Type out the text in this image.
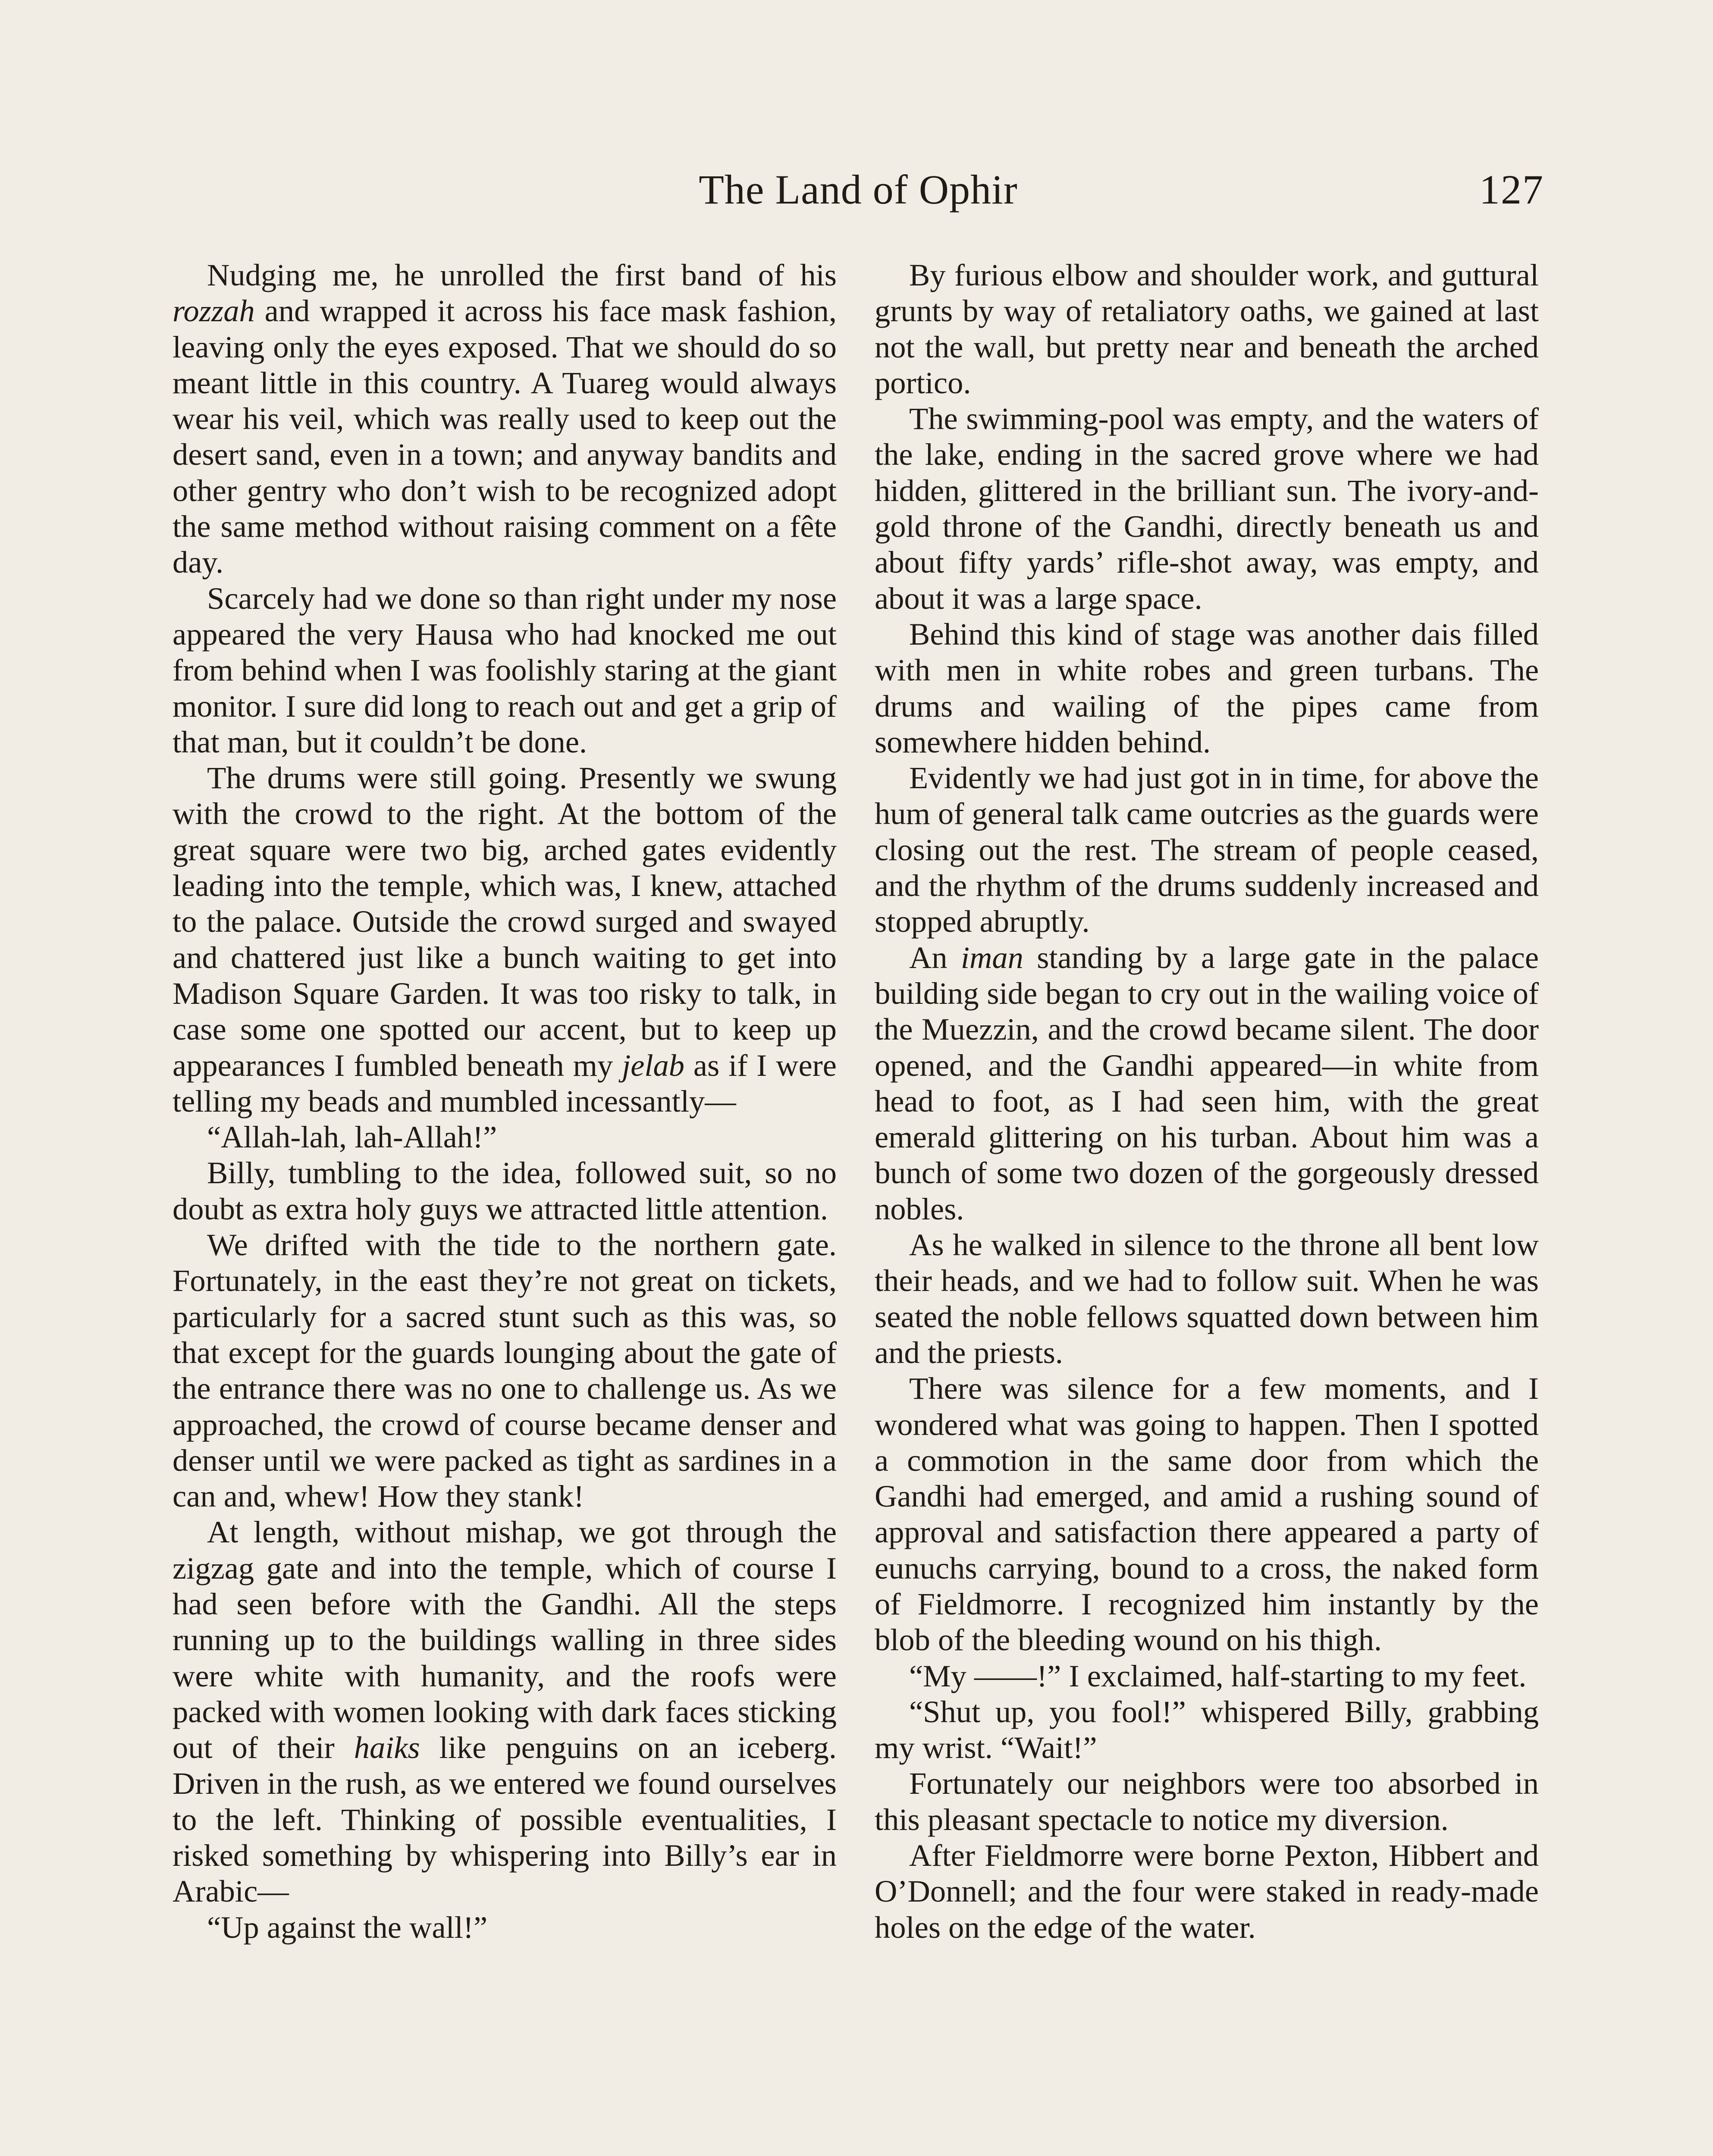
The Land of Ophir	127

Nudging me, he unrolled the first band of his rozzah and wrapped it across his face mask fashion, leaving only the eyes exposed. That we should do so meant little in this country. A Tuareg would always wear his veil, which was really used to keep out the desert sand, even in a town; and anyway bandits and other gentry who don’t wish to be recognized adopt the same method without raising comment on a fête day.

Scarcely had we done so than right under my nose appeared the very Hausa who had knocked me out from behind when I was foolishly staring at the giant monitor. I sure did long to reach out and get a grip of that man, but it couldn’t be done.

The drums were still going. Presently we swung with the crowd to the right. At the bottom of the great square were two big, arched gates evidently leading into the temple, which was, I knew, attached to the palace. Outside the crowd surged and swayed and chattered just like a bunch waiting to get into Madison Square Garden. It was too risky to talk, in case some one spotted our accent, but to keep up appearances I fumbled beneath my jelab as if I were telling my beads and mumbled incessantly—

“Allah-lah, lah-Allah!”

Billy, tumbling to the idea, followed suit, so no doubt as extra holy guys we attracted little attention.

We drifted with the tide to the northern gate. Fortunately, in the east they’re not great on tickets, particularly for a sacred stunt such as this was, so that except for the guards lounging about the gate of the entrance there was no one to challenge us. As we approached, the crowd of course became denser and denser until we were packed as tight as sardines in a can and, whew! How they stank!

At length, without mishap, we got through the zigzag gate and into the temple, which of course I had seen before with the Gandhi. All the steps running up to the buildings walling in three sides were white with humanity, and the roofs were packed with women looking with dark faces sticking out of their haiks like penguins on an iceberg. Driven in the rush, as we entered we found ourselves to the left. Thinking of possible eventualities, I risked something by whispering into Billy’s ear in Arabic—

“Up against the wall!”

By furious elbow and shoulder work, and guttural grunts by way of retaliatory oaths, we gained at last not the wall, but pretty near and beneath the arched portico.

The swimming-pool was empty, and the waters of the lake, ending in the sacred grove where we had hidden, glittered in the brilliant sun. The ivory-and-gold throne of the Gandhi, directly beneath us and about fifty yards’ rifle-shot away, was empty, and about it was a large space.

Behind this kind of stage was another dais filled with men in white robes and green turbans. The drums and wailing of the pipes came from somewhere hidden behind.

Evidently we had just got in in time, for above the hum of general talk came outcries as the guards were closing out the rest. The stream of people ceased, and the rhythm of the drums suddenly increased and stopped abruptly.

An iman standing by a large gate in the palace building side began to cry out in the wailing voice of the Muezzin, and the crowd became silent. The door opened, and the Gandhi appeared—in white from head to foot, as I had seen him, with the great emerald glittering on his turban. About him was a bunch of some two dozen of the gorgeously dressed nobles.

As he walked in silence to the throne all bent low their heads, and we had to follow suit. When he was seated the noble fellows squatted down between him and the priests.

There was silence for a few moments, and I wondered what was going to happen. Then I spotted a commotion in the same door from which the Gandhi had emerged, and amid a rushing sound of approval and satisfaction there appeared a party of eunuchs carrying, bound to a cross, the naked form of Fieldmorre. I recognized him instantly by the blob of the bleeding wound on his thigh.

“My ——!” I exclaimed, half-starting to my feet.

“Shut up, you fool!” whispered Billy, grabbing my wrist. “Wait!”

Fortunately our neighbors were too absorbed in this pleasant spectacle to notice my diversion.

After Fieldmorre were borne Pexton, Hibbert and O’Donnell; and the four were staked in ready-made holes on the edge of the water.
